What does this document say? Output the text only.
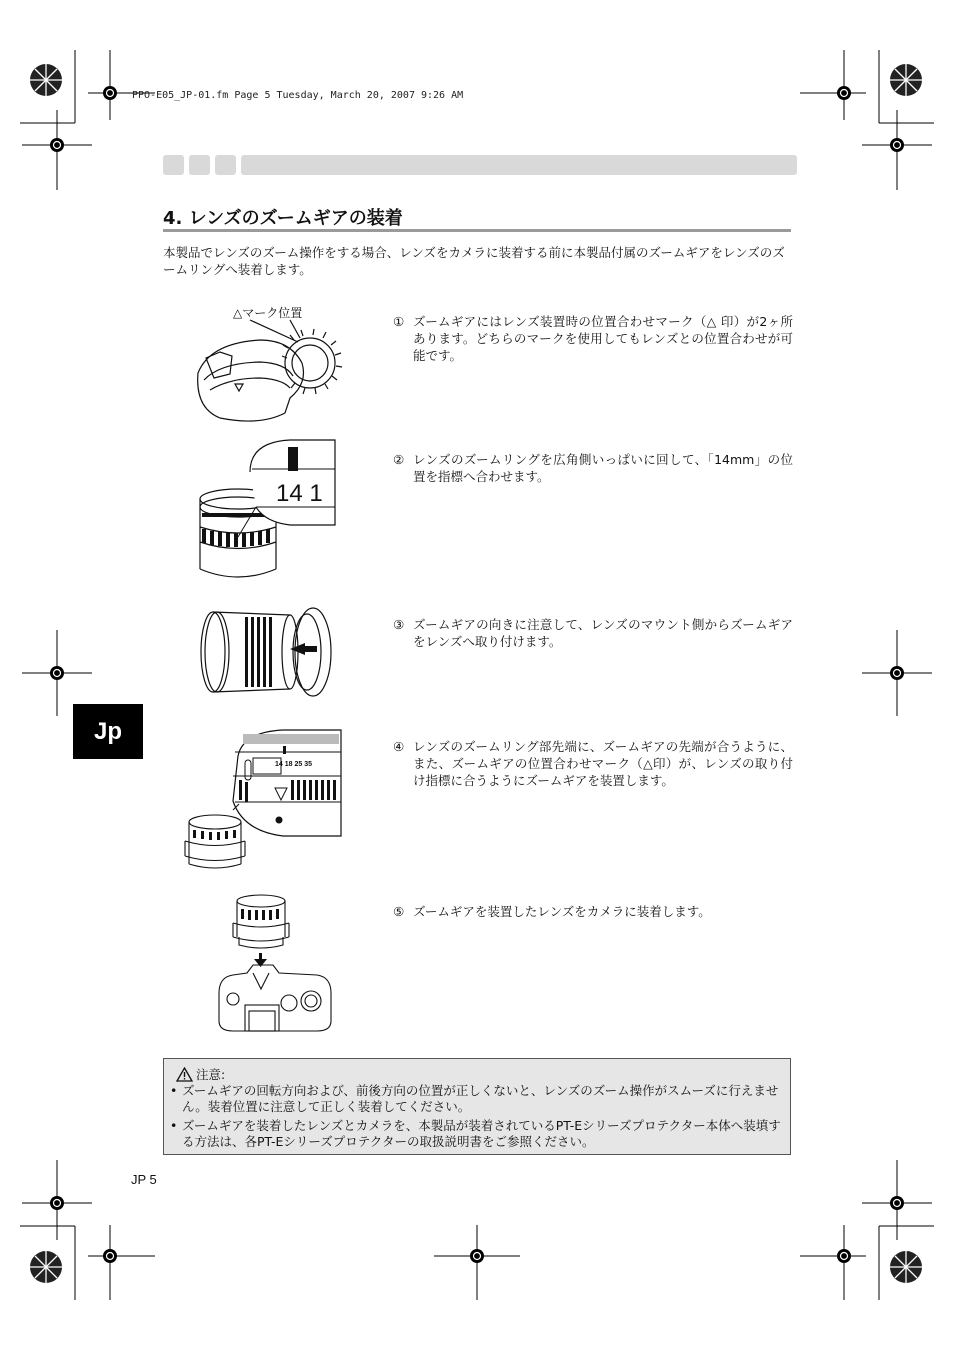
PPO-E05_JP-01.fm Page 5 Tuesday, March 20, 2007 9:26 AM
4. レンズのズームギアの装着
本製品でレンズのズーム操作をする場合、レンズをカメラに装着する前に本製品付属のズームギアをレンズのズームリングへ装着します。
△マーク位置
14 1
14 18 25 35
① ズームギアにはレンズ装置時の位置合わせマーク（△ 印）が2ヶ所あります。どちらのマークを使用してもレンズとの位置合わせが可能です。
② レンズのズームリングを広角側いっぱいに回して、「14mm」の位置を指標へ合わせます。
③ ズームギアの向きに注意して、レンズのマウント側からズームギアをレンズへ取り付けます。
④ レンズのズームリング部先端に、ズームギアの先端が合うように、また、ズームギアの位置合わせマーク（△印）が、レンズの取り付け指標に合うようにズームギアを装置します。
⑤ ズームギアを装置したレンズをカメラに装着します。
Jp
注意:
• ズームギアの回転方向および、前後方向の位置が正しくないと、レンズのズーム操作がスムーズに行えません。装着位置に注意して正しく装着してください。
• ズームギアを装着したレンズとカメラを、本製品が装着されているPT-Eシリーズプロテクター本体へ装填する方法は、各PT-Eシリーズプロテクターの取扱説明書をご参照ください。
JP 5
